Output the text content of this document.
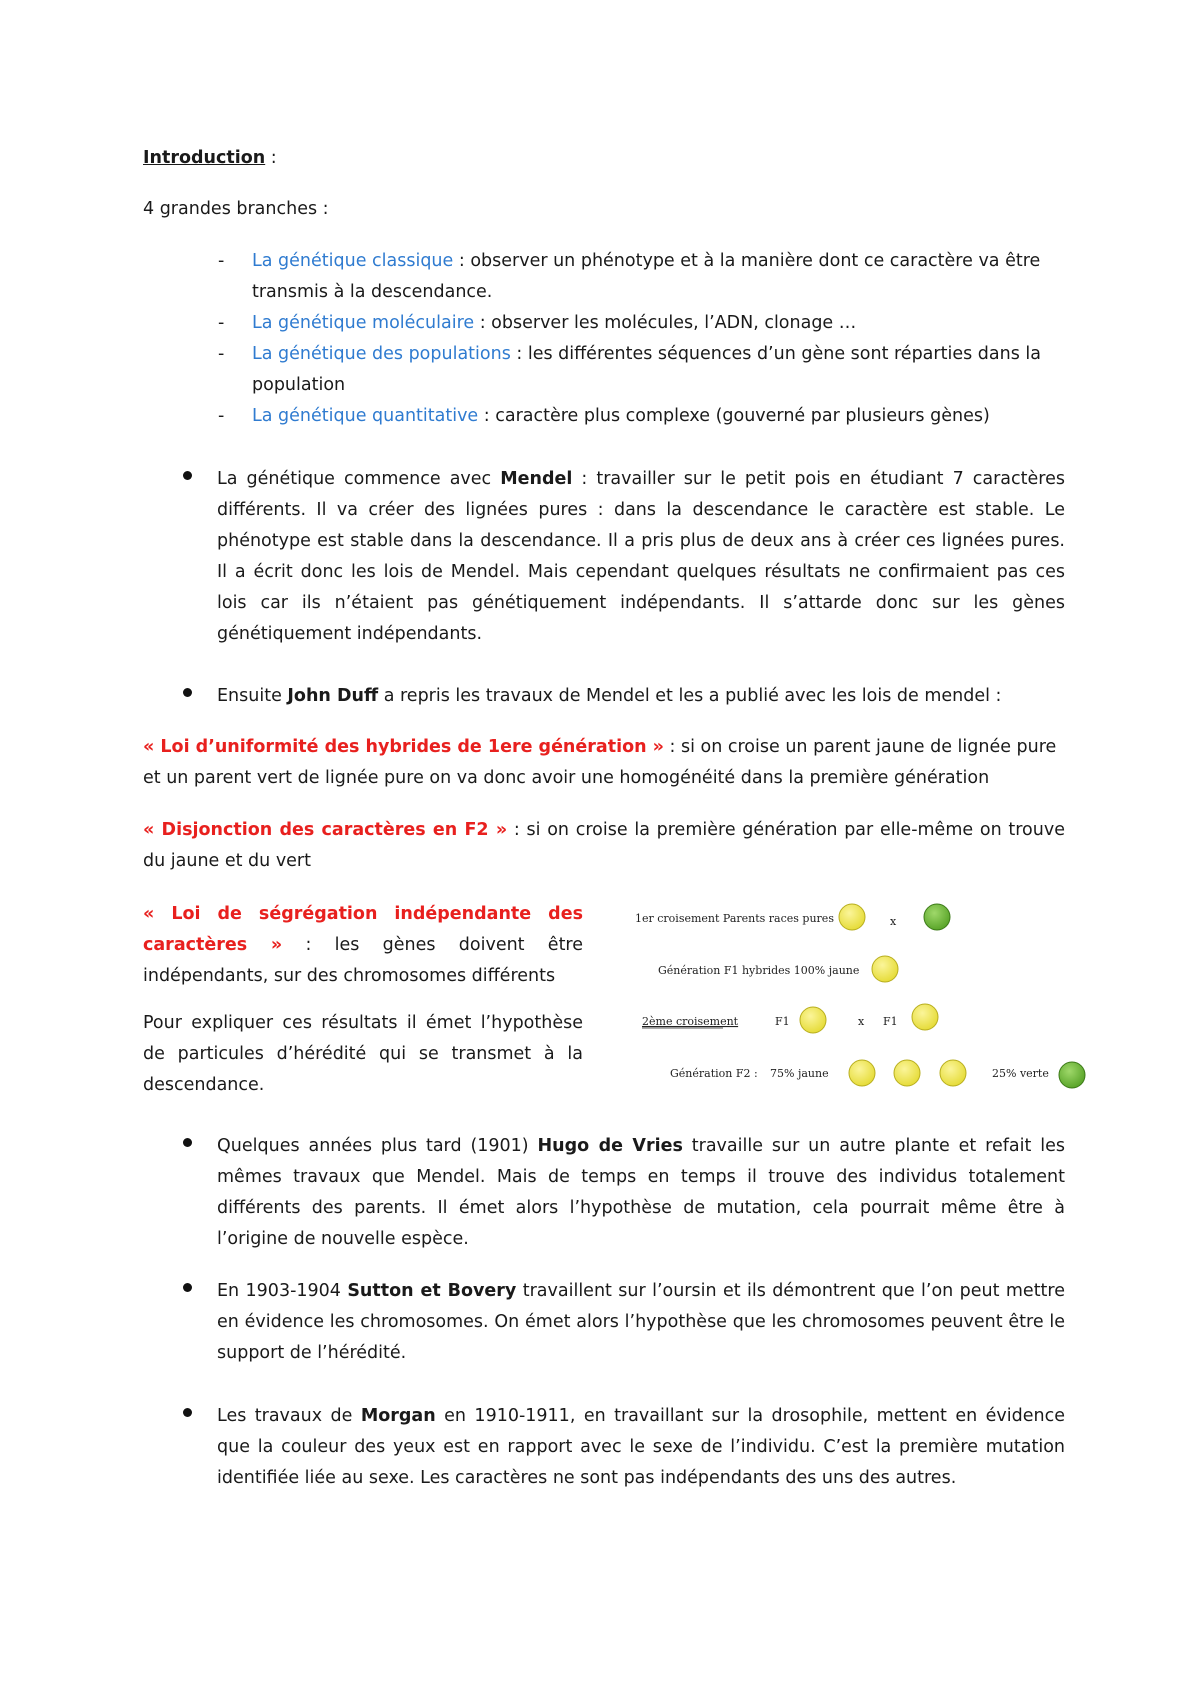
Introduction :
4 grandes branches :
- La génétique classique : observer un phénotype et à la manière dont ce caractère va être transmis à la descendance.
- La génétique moléculaire : observer les molécules, l’ADN, clonage …
- La génétique des populations : les différentes séquences d’un gène sont réparties dans la population
- La génétique quantitative : caractère plus complexe (gouverné par plusieurs gènes)
La génétique commence avec Mendel : travailler sur le petit pois en étudiant 7 caractères différents. Il va créer des lignées pures : dans la descendance le caractère est stable. Le phénotype est stable dans la descendance. Il a pris plus de deux ans à créer ces lignées pures. Il a écrit donc les lois de Mendel. Mais cependant quelques résultats ne confirmaient pas ces lois car ils n’étaient pas génétiquement indépendants. Il s’attarde donc sur les gènes génétiquement indépendants.
Ensuite John Duff a repris les travaux de Mendel et les a publié avec les lois de mendel :
« Loi d’uniformité des hybrides de 1ere génération » : si on croise un parent jaune de lignée pure et un parent vert de lignée pure on va donc avoir une homogénéité dans la première génération
« Disjonction des caractères en F2 » : si on croise la première génération par elle-même on trouve du jaune et du vert
« Loi de ségrégation indépendante des caractères » : les gènes doivent être indépendants, sur des chromosomes différents
Pour expliquer ces résultats il émet l’hypothèse de particules d’hérédité qui se transmet à la descendance.
1er croisement Parents races pures	x
Génération F1 hybrides 100% jaune
2ème croisement	F1	x F1
Génération F2 : 75% jaune	25% verte
Quelques années plus tard (1901) Hugo de Vries travaille sur un autre plante et refait les mêmes travaux que Mendel. Mais de temps en temps il trouve des individus totalement différents des parents. Il émet alors l’hypothèse de mutation, cela pourrait même être à l’origine de nouvelle espèce.
En 1903-1904 Sutton et Bovery travaillent sur l’oursin et ils démontrent que l’on peut mettre en évidence les chromosomes. On émet alors l’hypothèse que les chromosomes peuvent être le support de l’hérédité.
Les travaux de Morgan en 1910-1911, en travaillant sur la drosophile, mettent en évidence que la couleur des yeux est en rapport avec le sexe de l’individu. C’est la première mutation identifiée liée au sexe. Les caractères ne sont pas indépendants des uns des autres.
